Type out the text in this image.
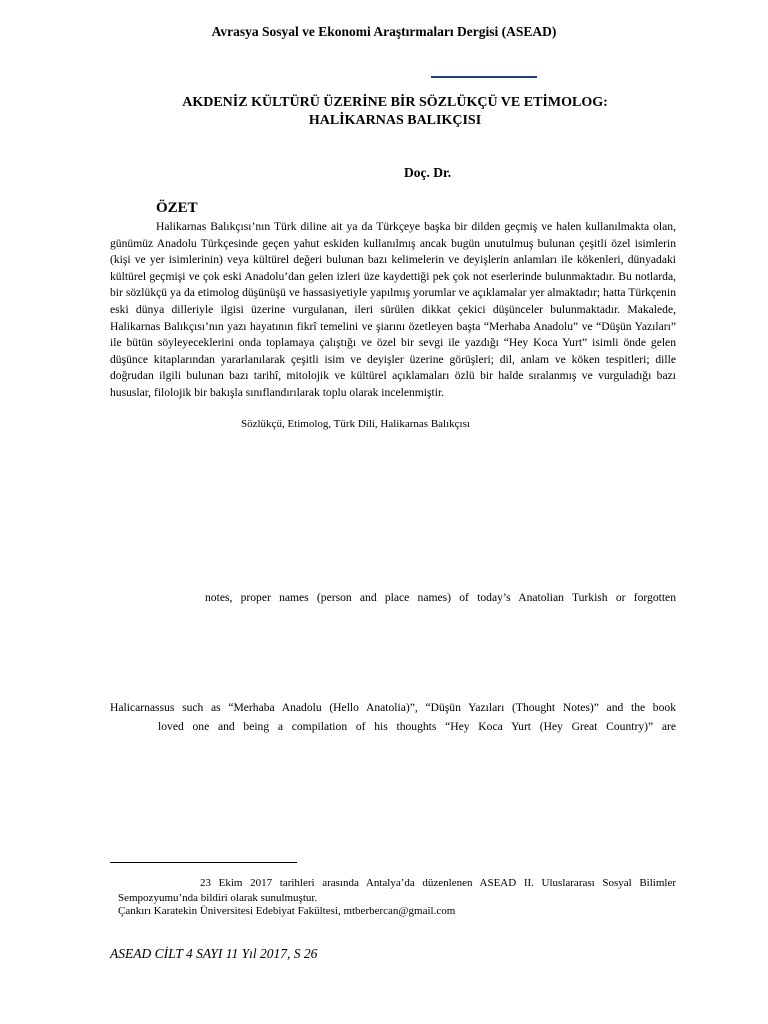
Avrasya Sosyal ve Ekonomi Araştırmaları Dergisi (ASEAD)
AKDENİZ KÜLTÜRÜ ÜZERİNE BİR SÖZLÜKÇÜ VE ETİMOLOG:
HALİKARNAS BALIKÇISI
Doç. Dr.
ÖZET

Halikarnas Balıkçısı’nın Türk diline ait ya da Türkçeye başka bir dilden geçmiş ve halen kullanılmakta olan, günümüz Anadolu Türkçesinde geçen yahut eskiden kullanılmış ancak bugün unutulmuş bulunan çeşitli özel isimlerin (kişi ve yer isimlerinin) veya kültürel değeri bulunan bazı kelimelerin ve deyişlerin anlamları ile kökenleri, dünyadaki kültürel geçmişi ve çok eski Anadolu’dan gelen izleri üze kaydettiği pek çok not eserlerinde bulunmaktadır. Bu notlarda, bir sözlükçü ya da etimolog düşünüşü ve hassasiyetiyle yapılmış yorumlar ve açıklamalar yer almaktadır; hatta Türkçenin eski dünya dilleriyle ilgisi üzerine vurgulanan, ileri sürülen dikkat çekici düşünceler bulunmaktadır. Makalede, Halikarnas Balıkçısı’nın yazı hayatının fikrî temelini ve şiarını özetleyen başta “Merhaba Anadolu” ve “Düşün Yazıları” ile bütün söyleyeceklerini onda toplamaya çalıştığı ve özel bir sevgi ile yazdığı “Hey Koca Yurt” isimli önde gelen düşünce kitaplarından yararlanılarak çeşitli isim ve deyişler üzerine görüşleri; dil, anlam ve köken tespitleri; dille doğrudan ilgili bulunan bazı tarihî, mitolojik ve kültürel açıklamaları özlü bir halde sıralanmış ve vurguladığı bazı hususlar, filolojik bir bakışla sınıflandırılarak toplu olarak incelenmiştir.

Sözlükçü, Etimolog, Türk Dili, Halikarnas Balıkçısı
notes, proper names (person and place names) of today’s Anatolian Turkish or forgotten
Halicarnassus such as “Merhaba Anadolu (Hello Anatolia)”, “Düşün Yazıları (Thought Notes)” and the book
loved one and being a compilation of his thoughts “Hey Koca Yurt (Hey Great Country)” are
23 Ekim 2017 tarihleri arasında Antalya’da düzenlenen ASEAD II. Uluslararası Sosyal Bilimler Sempozyumu’nda bildiri olarak sunulmuştur.
Çankırı Karatekin Üniversitesi Edebiyat Fakültesi, mtberbercan@gmail.com
ASEAD CİLT 4 SAYI 11 Yıl 2017, S 26
